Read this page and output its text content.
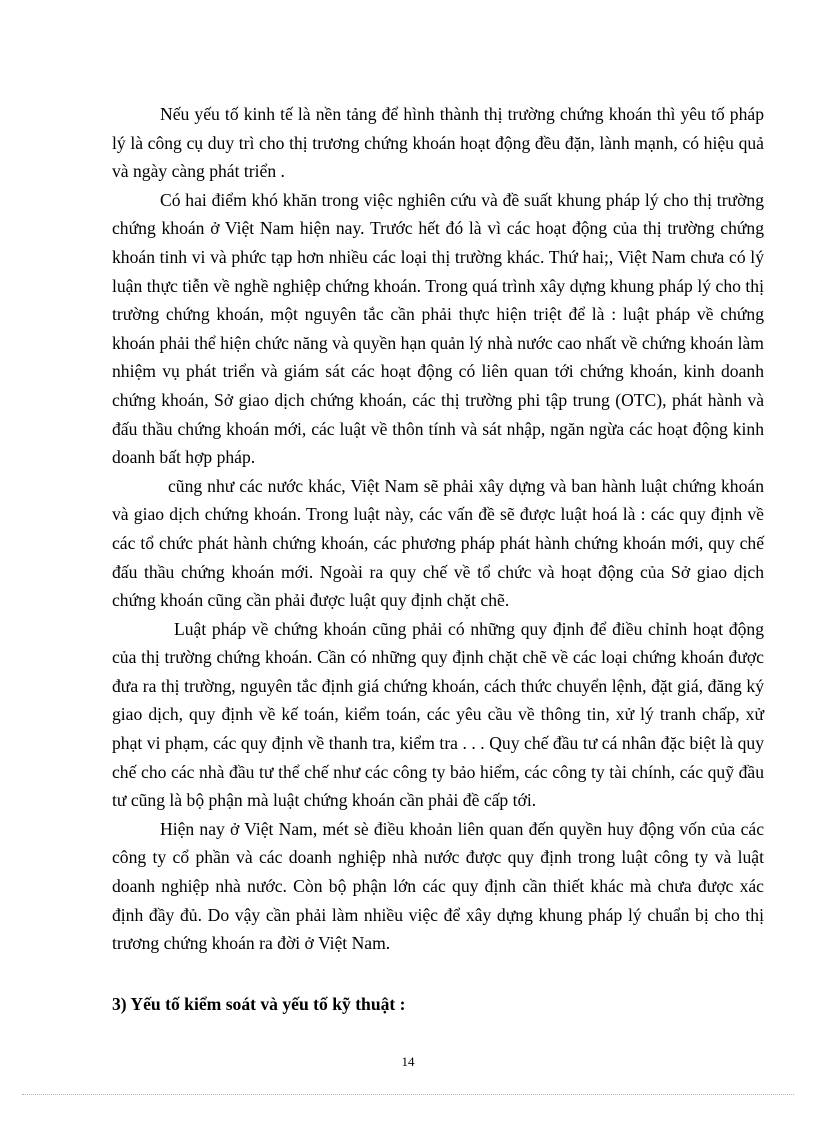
Nếu yếu tố kinh tế là nền tảng để hình thành thị trường chứng khoán thì yêu tố pháp lý là công cụ duy trì cho thị trương chứng khoán hoạt động đều đặn, lành mạnh, có hiệu quả và ngày càng phát triển .

Có hai điểm khó khăn trong việc nghiên cứu và đề suất khung pháp lý cho thị trường chứng khoán ở Việt Nam hiện nay. Trước hết đó là vì các hoạt động của thị trường chứng khoán tinh vi và phức tạp hơn nhiều các loại thị trường khác. Thứ hai;, Việt Nam chưa có lý luận thực tiễn về nghề nghiệp chứng khoán. Trong quá trình xây dựng khung pháp lý cho thị trường chứng khoán, một nguyên tắc cần phải thực hiện triệt để là : luật pháp về chứng khoán phải thể hiện chức năng và quyền hạn quản lý nhà nước cao nhất về chứng khoán làm nhiệm vụ phát triển và giám sát các hoạt động có liên quan tới chứng khoán, kinh doanh chứng khoán, Sở giao dịch chứng khoán, các thị trường phi tập trung (OTC), phát hành và đấu thầu chứng khoán mới, các luật về thôn tính và sát nhập, ngăn ngừa các hoạt động kinh doanh bất hợp pháp.

cũng như các nước khác, Việt Nam sẽ phải xây dựng và ban hành luật chứng khoán và giao dịch chứng khoán. Trong luật này, các vấn đề sẽ được luật hoá là : các quy định về các tổ chức phát hành chứng khoán, các phương pháp phát hành chứng khoán mới, quy chế đấu thầu chứng khoán mới. Ngoài ra quy chế về tổ chức và hoạt động của Sở giao dịch chứng khoán cũng cần phải được luật quy định chặt chẽ.

Luật pháp về chứng khoán cũng phải có những quy định để điều chỉnh hoạt động của thị trường chứng khoán. Cần có những quy định chặt chẽ về các loại chứng khoán được đưa ra thị trường, nguyên tắc định giá chứng khoán, cách thức chuyển lệnh, đặt giá, đăng ký giao dịch, quy định về kế toán, kiểm toán, các yêu cầu về thông tin, xử lý tranh chấp, xử phạt vi phạm, các quy định về thanh tra, kiểm tra . . . Quy chế đầu tư cá nhân đặc biệt là quy chế cho các nhà đầu tư thể chế như các công ty bảo hiểm, các công ty tài chính, các quỹ đầu tư cũng là bộ phận mà luật chứng khoán cần phải đề cấp tới.

Hiện nay ở Việt Nam, mét sè điều khoản liên quan đến quyền huy động vốn của các công ty cổ phần và các doanh nghiệp nhà nước được quy định trong luật công ty và luật doanh nghiệp nhà nước. Còn bộ phận lớn các quy định cần thiết khác mà chưa được xác định đầy đủ. Do vậy cần phải làm nhiều việc để xây dựng khung pháp lý chuẩn bị cho thị trương chứng khoán ra đời ở Việt Nam.

3) Yếu tố kiểm soát và yếu tố kỹ thuật :

14
